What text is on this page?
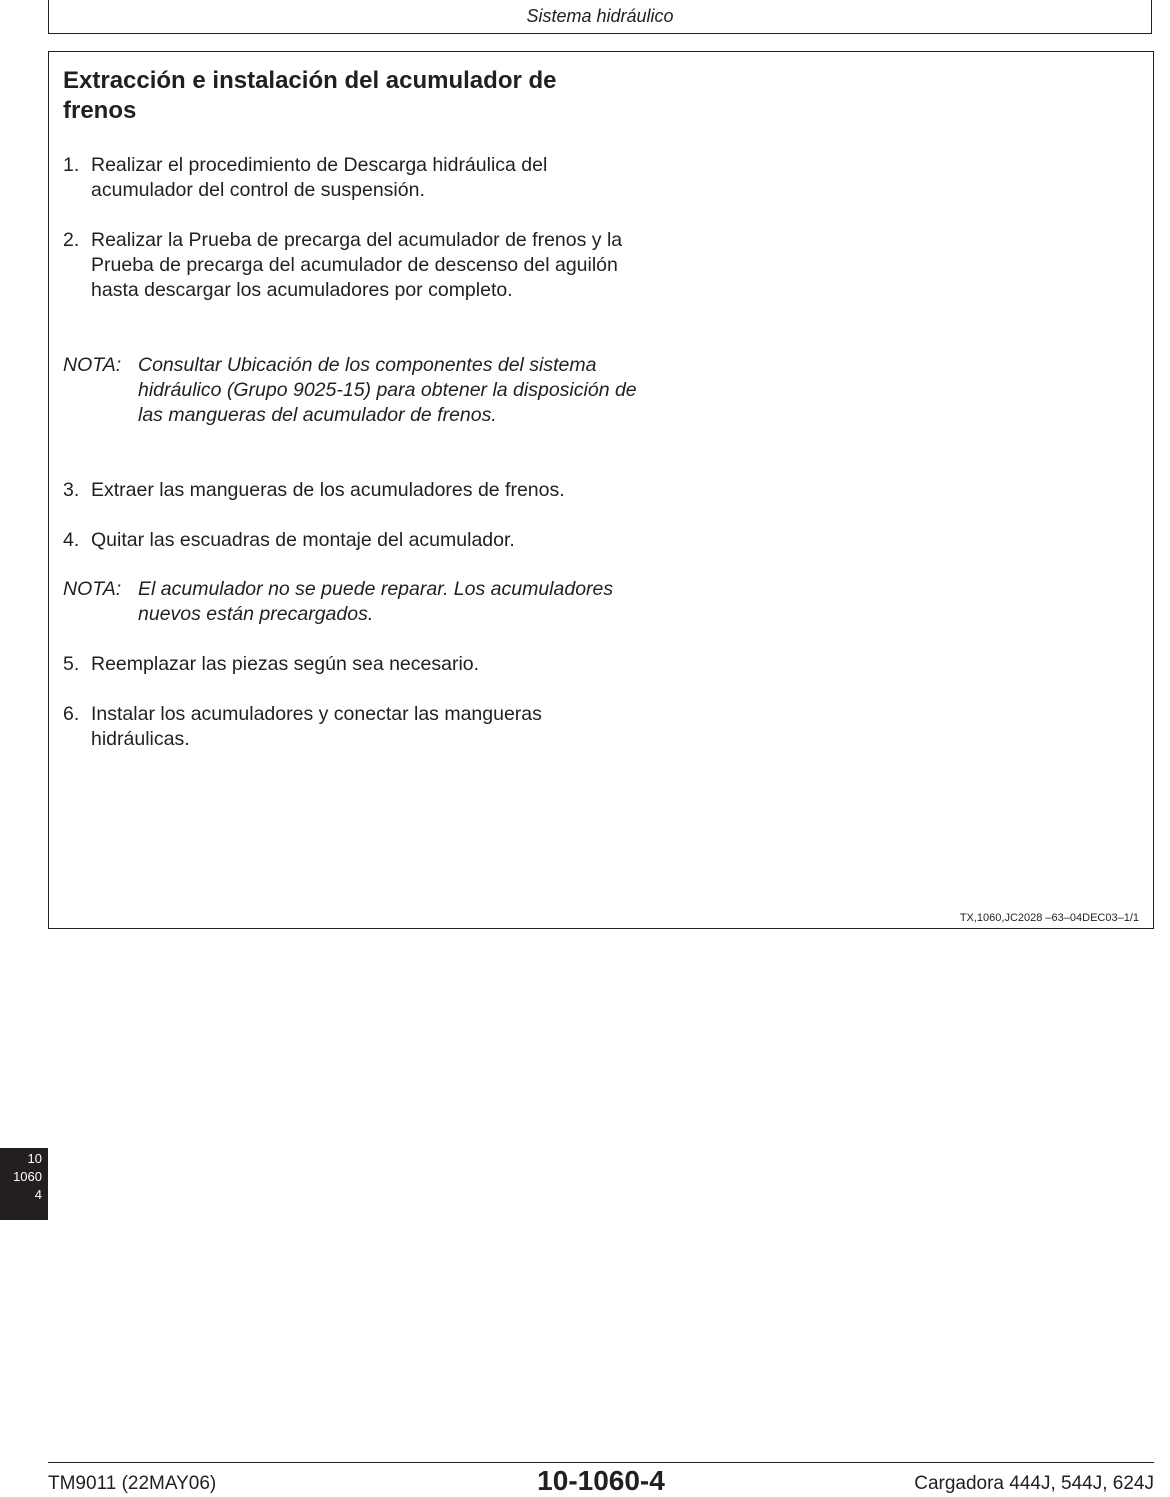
Sistema hidráulico
Extracción e instalación del acumulador de frenos
1. Realizar el procedimiento de Descarga hidráulica del acumulador del control de suspensión.
2. Realizar la Prueba de precarga del acumulador de frenos y la Prueba de precarga del acumulador de descenso del aguilón hasta descargar los acumuladores por completo.
NOTA: Consultar Ubicación de los componentes del sistema hidráulico (Grupo 9025-15) para obtener la disposición de las mangueras del acumulador de frenos.
3. Extraer las mangueras de los acumuladores de frenos.
4. Quitar las escuadras de montaje del acumulador.
NOTA: El acumulador no se puede reparar. Los acumuladores nuevos están precargados.
5. Reemplazar las piezas según sea necesario.
6. Instalar los acumuladores y conectar las mangueras hidráulicas.
TX,1060,JC2028 –63–04DEC03–1/1
10
1060
4
TM9011 (22MAY06)	10-1060-4	Cargadora 444J, 544J, 624J
